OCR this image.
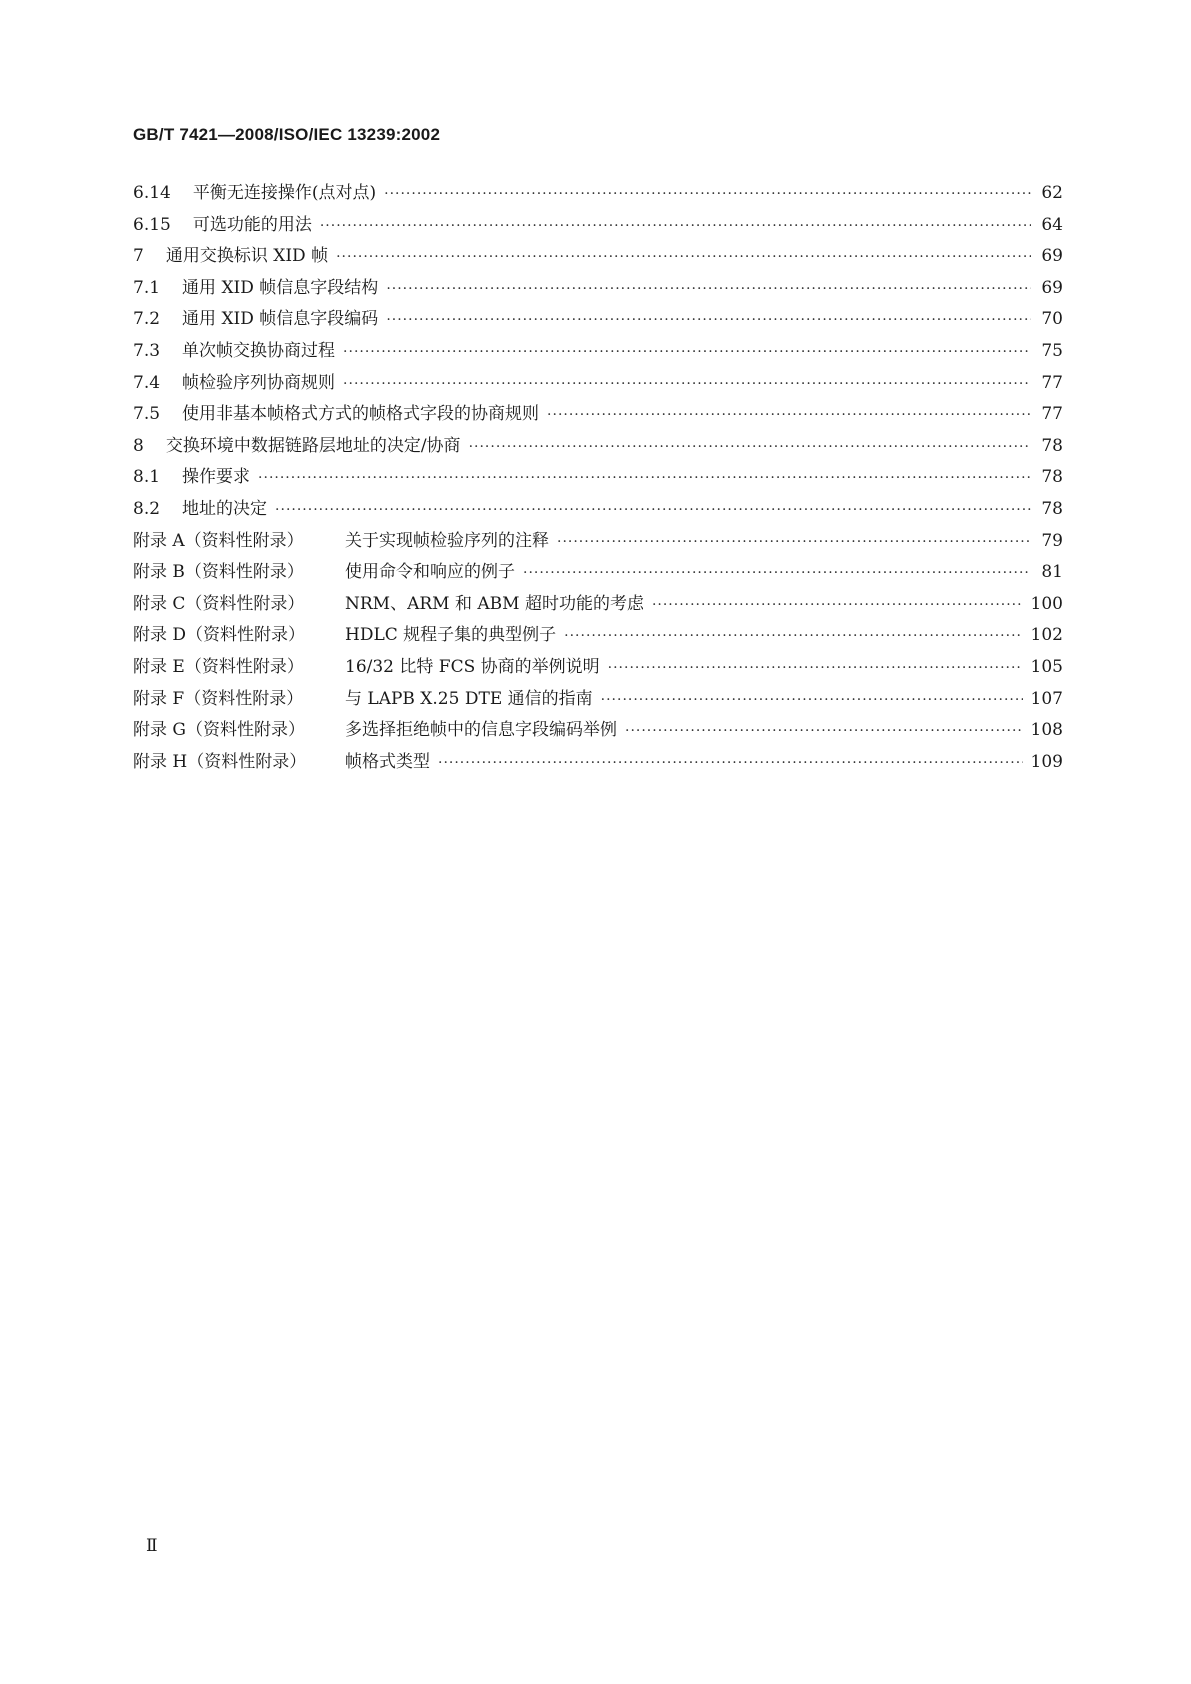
GB/T 7421—2008/ISO/IEC 13239:2002
6.14 平衡无连接操作(点对点) ·····	62
6.15 可选功能的用法 ·····	64
7 通用交换标识 XID 帧 ·····	69
7.1 通用 XID 帧信息字段结构 ·····	69
7.2 通用 XID 帧信息字段编码 ·····	70
7.3 单次帧交换协商过程 ·····	75
7.4 帧检验序列协商规则 ·····	77
7.5 使用非基本帧格式方式的帧格式字段的协商规则 ·····	77
8 交换环境中数据链路层地址的决定/协商 ·····	78
8.1 操作要求 ·····	78
8.2 地址的决定 ·····	78
附录 A（资料性附录）	关于实现帧检验序列的注释 ·····	79
附录 B（资料性附录）	使用命令和响应的例子 ·····	81
附录 C（资料性附录）	NRM、ARM 和 ABM 超时功能的考虑 ·····	100
附录 D（资料性附录）	HDLC 规程子集的典型例子 ·····	102
附录 E（资料性附录）	16/32 比特 FCS 协商的举例说明 ·····	105
附录 F（资料性附录）	与 LAPB X.25 DTE 通信的指南 ·····	107
附录 G（资料性附录）	多选择拒绝帧中的信息字段编码举例 ·····	108
附录 H（资料性附录）	帧格式类型 ·····	109
Ⅱ
